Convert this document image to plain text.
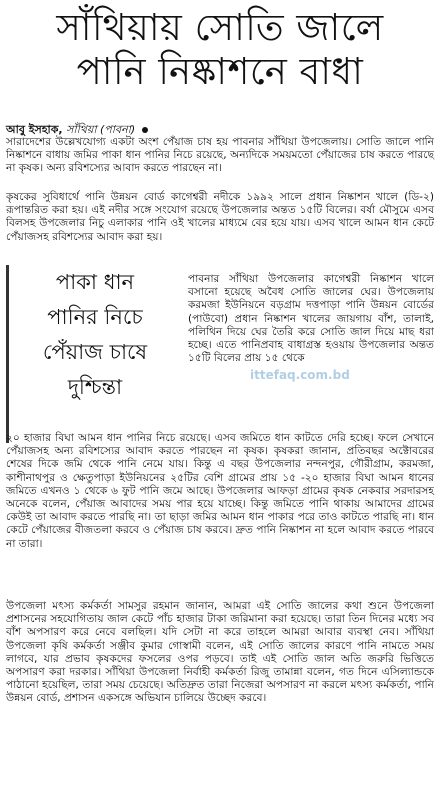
সাঁথিয়ায় সোতি জালে
পানি নিষ্কাশনে বাধা
আবু ইসহাক, সাঁথিয়া (পাবনা)
সারাদেশের উল্লেখযোগ্য একটা অংশ পেঁয়াজ চাষ হয় পাবনার সাঁথিয়া উপজেলায়। সোতি জালে পানি নিষ্কাশনে বাধায় জমির পাকা ধান পানির নিচে রয়েছে, অন্যদিকে সময়মতো পেঁয়াজের চাষ করতে পারছে না কৃষক। অন্য রবিশস্যের আবাদ করতে পারছেন না।
কৃষকের সুবিধার্থে পানি উন্নয়ন বোর্ড কাগেশ্বরী নদীকে ১৯৯২ সালে প্রধান নিষ্কাশন খালে (ডি-২) রূপান্তরিত করা হয়। এই নদীর সঙ্গে সংযোগ রয়েছে উপজেলার অন্তত ১৫টি বিলের। বর্ষা মৌসুমে এসব বিলসহ উপজেলার নিচু এলাকার পানি ওই খালের মাধ্যমে বের হয়ে যায়। এসব খালে আমন ধান কেটে পেঁয়াজসহ রবিশস্যের আবাদ করা হয়।
পাকা ধান
পানির নিচে
পেঁয়াজ চাষে
দুশ্চিন্তা
পাবনার সাঁথিয়া উপজেলার কাগেশ্বরী নিষ্কাশন খালে বসানো হয়েছে অবৈধ সোতি জালের ঘের। উপজেলায় করমজা ইউনিয়নে বড়গ্রাম দত্তপাড়া পানি উন্নয়ন বোর্ডের (পাউবো) প্রধান নিষ্কাশন খালের জায়গায় বাঁশ, তালাই, পলিথিন দিয়ে ঘের তৈরি করে সোতি জাল দিয়ে মাছ ধরা হচ্ছে। এতে পানিপ্রবাহ বাধাগ্রস্ত হওয়ায় উপজেলার অন্তত ১৫টি বিলের প্রায় ১৫ থেকে
ittefaq.com.bd
২০ হাজার বিঘা আমন ধান পানির নিচে রয়েছে। এসব জমিতে ধান কাটতে দেরি হচ্ছে। ফলে সেখানে পেঁয়াজসহ অন্য রবিশস্যের আবাদ করতে পারছেন না কৃষক। কৃষকরা জানান, প্রতিবছর অক্টোবরের শেষের দিকে জমি থেকে পানি নেমে যায়। কিন্তু এ বছর উপজেলার নন্দনপুর, গৌরীগ্রাম, করমজা, কাশীনাথপুর ও ক্ষেতুপাড়া ইউনিয়নের ২৫টির বেশি গ্রামের প্রায় ১৫ -২০ হাজার বিঘা আমন ধানের জমিতে এখনও ১ থেকে ৬ ফুট পানি জমে আছে। উপজেলার আফড়া গ্রামের কৃষক নেকবার সরদারসহ অনেকে বলেন, পেঁয়াজ আবাদের সময় পার হয়ে যাচ্ছে। কিন্তু জমিতে পানি থাকায় আমাদের গ্রামের কেউই তা আবাদ করতে পারছি না। তা ছাড়া জমির আমন ধান পাকার পরে তাও কাটতে পারছি না। ধান কেটে পেঁয়াজের বীজতলা করবে ও পেঁয়াজ চাষ করবে। দ্রুত পানি নিষ্কাশন না হলে আবাদ করতে পারবে না তারা।
উপজেলা মৎস্য কর্মকর্তা সামসুর রহমান জানান, আমরা এই সোতি জালের কথা শুনে উপজেলা প্রশাসনের সহযোগিতায় জাল কেটে পাঁচ হাজার টাকা জরিমানা করা হয়েছে। তারা তিন দিনের মধ্যে সব বাঁশ অপসারণ করে নেবে বলছিল। যদি সেটা না করে তাহলে আমরা আবার ব্যবস্থা নেব। সাঁথিয়া উপজেলা কৃষি কর্মকর্তা সঞ্জীব কুমার গোস্বামী বলেন, এই সোতি জালের কারণে পানি নামতে সময় লাগবে, যার প্রভাব কৃষকদের ফসলের ওপর পড়বে। তাই এই সোতি জাল অতি জরুরি ভিত্তিতে অপসারণ করা দরকার। সাঁথিয়া উপজেলা নির্বাহী কর্মকর্তা রিজু তামান্না বলেন, গত দিনে এসিল্যান্ডকে পাঠানো হয়েছিল, তারা সময় চেয়েছে। অতিদ্রুত তারা নিজেরা অপসারণ না করলে মৎস্য কর্মকর্তা, পানি উন্নয়ন বোর্ড, প্রশাসন একসঙ্গে অভিযান চালিয়ে উচ্ছেদ করবে।
